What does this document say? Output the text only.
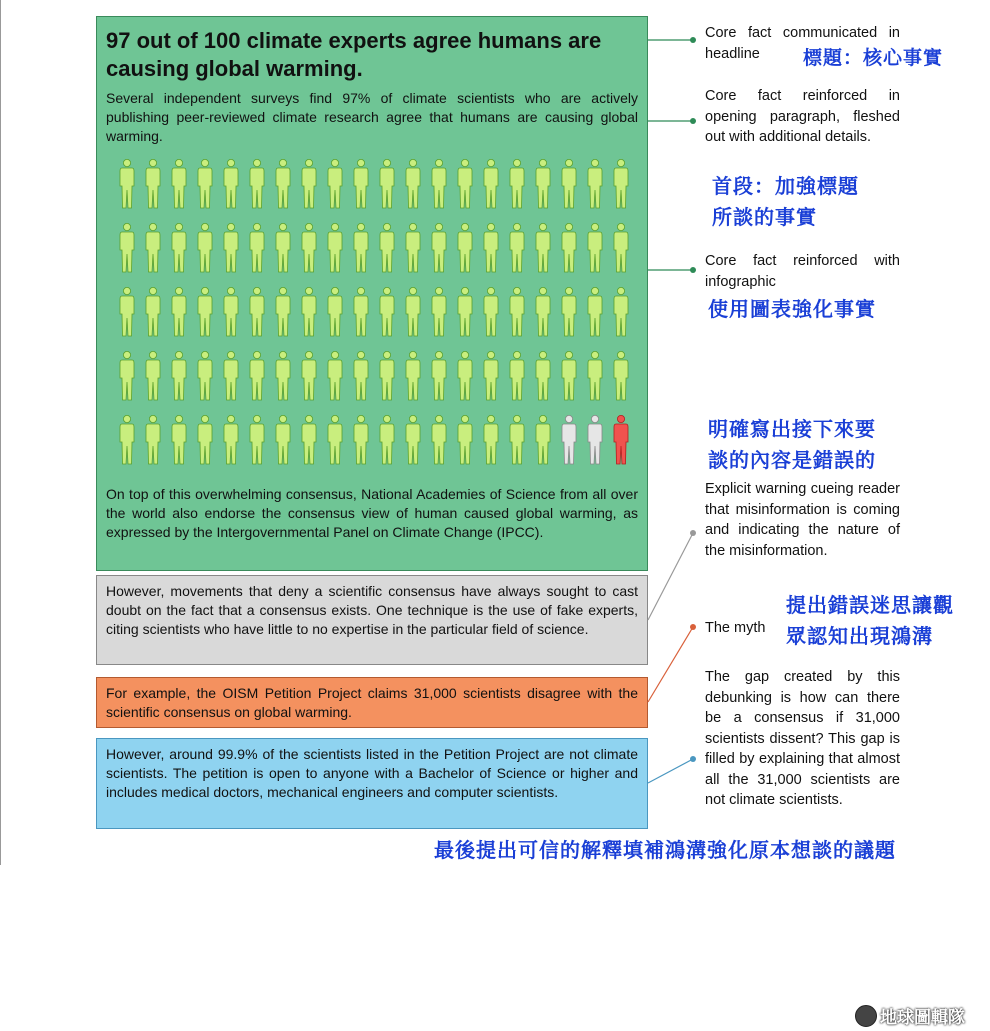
97 out of 100 climate experts agree humans are causing global warming.
Several independent surveys find 97% of climate scientists who are actively publishing peer-reviewed climate research agree that humans are causing global warming.
On top of this overwhelming consensus, National Academies of Science from all over the world also endorse the consensus view of human caused global warming, as expressed by the Intergovernmental Panel on Climate Change (IPCC).
However, movements that deny a scientific consensus have always sought to cast doubt on the fact that a consensus exists. One technique is the use of fake experts, citing scientists who have little to no expertise in the particular field of science.
For example, the OISM Petition Project claims 31,000 scientists disagree with the scientific consensus on global warming.
However, around 99.9% of the scientists listed in the Petition Project are not climate scientists. The petition is open to anyone with a Bachelor of Science or higher and includes medical doctors, mechanical engineers and computer scientists.
Core fact communicated in headline	標題：核心事實
Core fact reinforced in opening paragraph, fleshed out with additional details.
首段：加強標題
所談的事實
Core fact reinforced with infographic
使用圖表強化事實
明確寫出接下來要
談的內容是錯誤的
Explicit warning cueing reader that misinformation is coming and indicating the nature of the misinformation.
The myth
提出錯誤迷思讓觀
眾認知出現鴻溝
The gap created by this debunking is how can there be a consensus if 31,000 scientists dissent? This gap is filled by explaining that almost all the 31,000 scientists are not climate scientists.
最後提出可信的解釋填補鴻溝強化原本想談的議題
地球圖輯隊
